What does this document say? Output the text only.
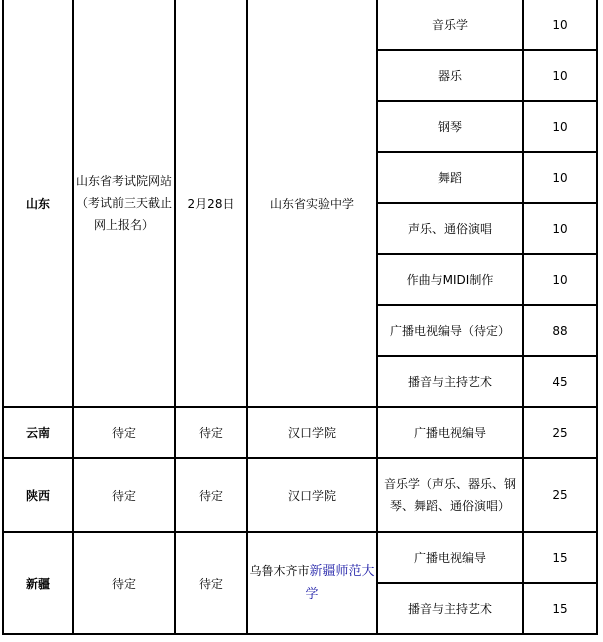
山东	山东省考试院网站（考试前三天截止网上报名）	2月28日	山东省实验中学	音乐学	10
				器乐	10
				钢琴	10
				舞蹈	10
				声乐、通俗演唱	10
				作曲与MIDI制作	10
				广播电视编导（待定）	88
				播音与主持艺术	45
云南	待定	待定	汉口学院	广播电视编导	25
陕西	待定	待定	汉口学院	音乐学（声乐、器乐、钢琴、舞蹈、通俗演唱）	25
新疆	待定	待定	乌鲁木齐市新疆师范大学	广播电视编导	15
				播音与主持艺术	15
